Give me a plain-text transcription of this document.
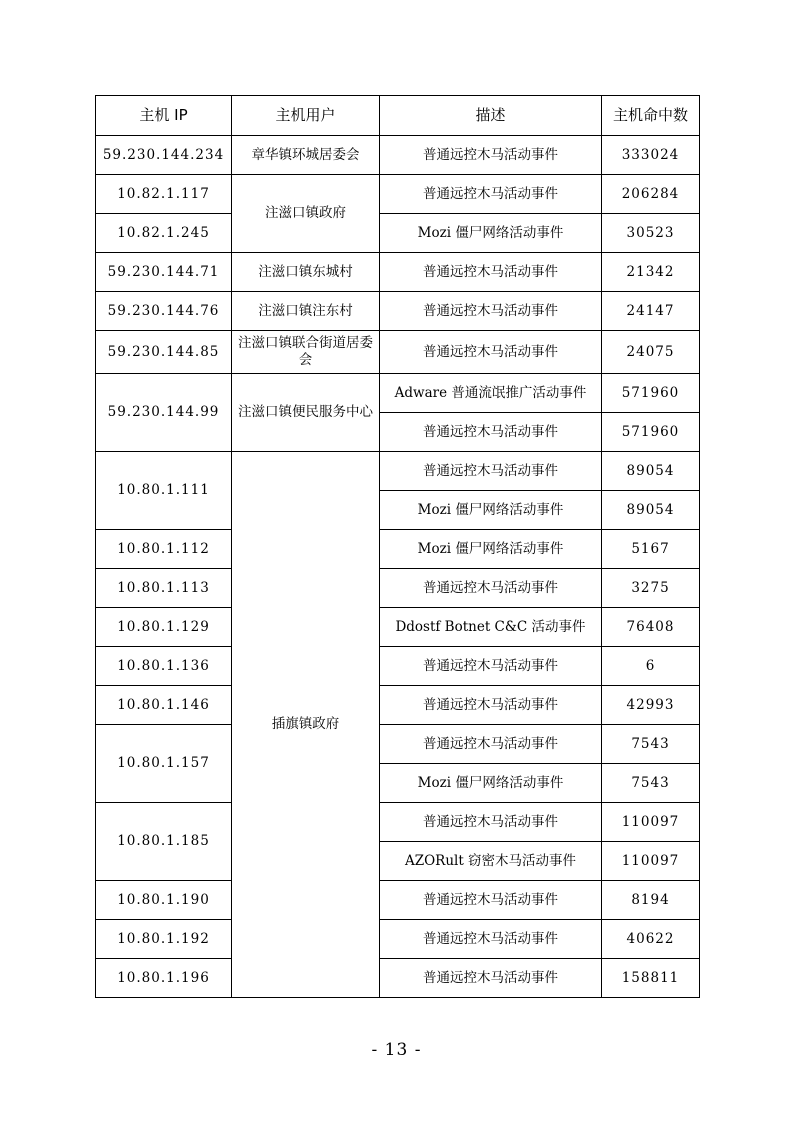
主机 IP	主机用户	描述	主机命中数
59.230.144.234	章华镇环城居委会	普通远控木马活动事件	333024
10.82.1.117	注滋口镇政府	普通远控木马活动事件	206284
10.82.1.245		Mozi 僵尸网络活动事件	30523
59.230.144.71	注滋口镇东城村	普通远控木马活动事件	21342
59.230.144.76	注滋口镇注东村	普通远控木马活动事件	24147
59.230.144.85	注滋口镇联合街道居委会	普通远控木马活动事件	24075
59.230.144.99	注滋口镇便民服务中心	Adware 普通流氓推广活动事件	571960
		普通远控木马活动事件	571960
10.80.1.111	插旗镇政府	普通远控木马活动事件	89054
		Mozi 僵尸网络活动事件	89054
10.80.1.112		Mozi 僵尸网络活动事件	5167
10.80.1.113		普通远控木马活动事件	3275
10.80.1.129		Ddostf Botnet C&C 活动事件	76408
10.80.1.136		普通远控木马活动事件	6
10.80.1.146		普通远控木马活动事件	42993
10.80.1.157		普通远控木马活动事件	7543
		Mozi 僵尸网络活动事件	7543
10.80.1.185		普通远控木马活动事件	110097
		AZORult 窃密木马活动事件	110097
10.80.1.190		普通远控木马活动事件	8194
10.80.1.192		普通远控木马活动事件	40622
10.80.1.196		普通远控木马活动事件	158811
- 13 -
